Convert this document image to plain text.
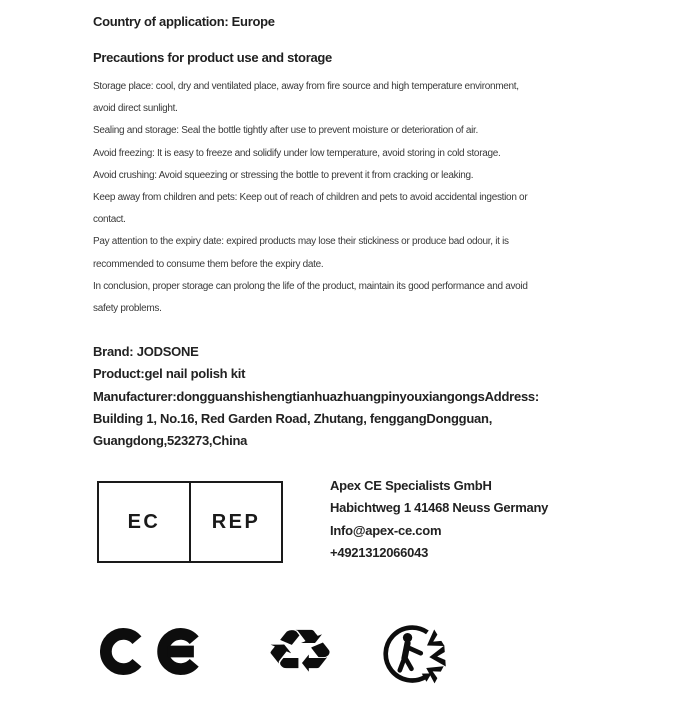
Country of application: Europe
Precautions for product use and storage
Storage place: cool, dry and ventilated place, away from fire source and high temperature environment,
avoid direct sunlight.
Sealing and storage: Seal the bottle tightly after use to prevent moisture or deterioration of air.
Avoid freezing: It is easy to freeze and solidify under low temperature, avoid storing in cold storage.
Avoid crushing: Avoid squeezing or stressing the bottle to prevent it from cracking or leaking.
Keep away from children and pets: Keep out of reach of children and pets to avoid accidental ingestion or
contact.
Pay attention to the expiry date: expired products may lose their stickiness or produce bad odour, it is
recommended to consume them before the expiry date.
In conclusion, proper storage can prolong the life of the product, maintain its good performance and avoid
safety problems.
Brand: JODSONE
Product:gel nail polish kit
Manufacturer:dongguanshishengtianhuazhuangpinyouxiangongsAddress:
Building 1, No.16, Red Garden Road, Zhutang, fenggangDongguan,
Guangdong,523273,China
EC	REP
Apex CE Specialists GmbH
Habichtweg 1 41468 Neuss Germany
Info@apex-ce.com
+4921312066043
♻
